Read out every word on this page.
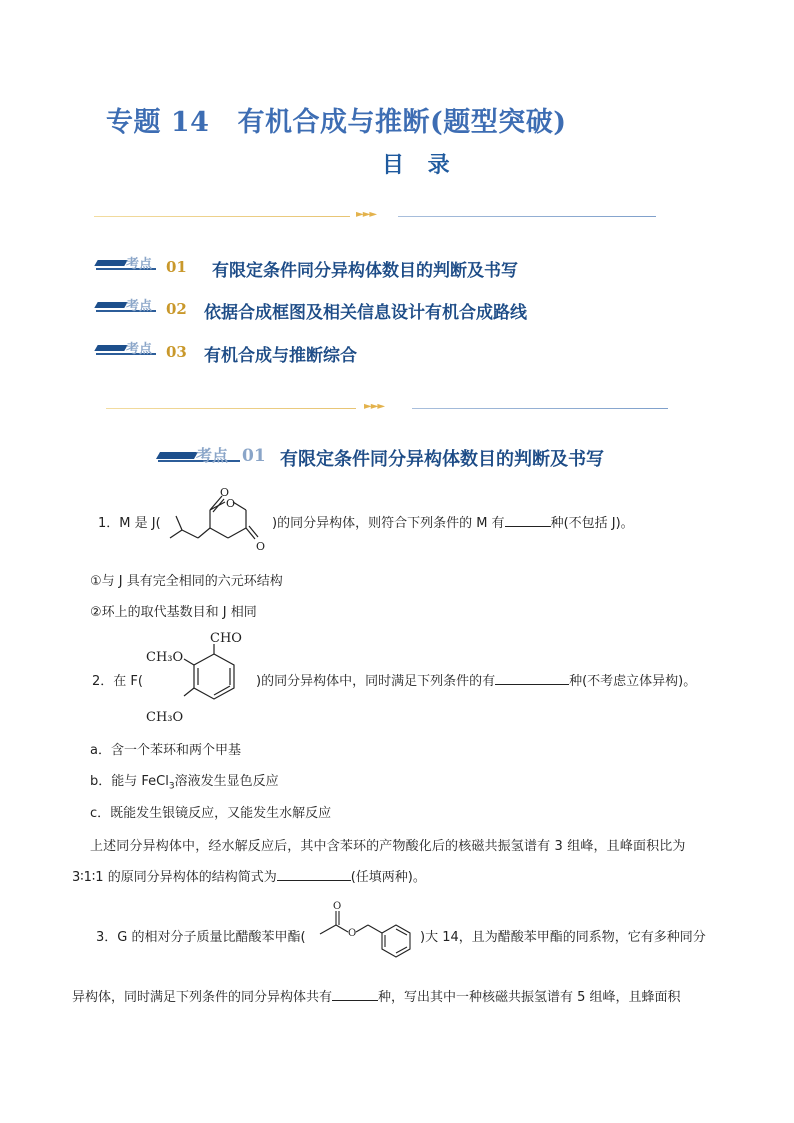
专题 14 有机合成与推断(题型突破)
目 录
►►►
考点 01 有限定条件同分异构体数目的判断及书写
考点 02 依据合成框图及相关信息设计有机合成路线
考点 03 有机合成与推断综合
►►►
考点 01 有限定条件同分异构体数目的判断及书写
1．M 是 J(
O
O
O
)的同分异构体，则符合下列条件的 M 有	种(不包括 J)。
①与 J 具有完全相同的六元环结构
②环上的取代基数目和 J 相同
2．在 F(
CHO
CH₃O
CH₃O
)的同分异构体中，同时满足下列条件的有	种(不考虑立体异构)。
a．含一个苯环和两个甲基
b．能与 FeCl$_3$溶液发生显色反应
c．既能发生银镜反应，又能发生水解反应
上述同分异构体中，经水解反应后，其中含苯环的产物酸化后的核磁共振氢谱有 3 组峰，且峰面积比为
3∶1∶1 的原同分异构体的结构简式为	(任填两种)。
3．G 的相对分子质量比醋酸苯甲酯(
O
O	)大 14，且为醋酸苯甲酯的同系物，它有多种同分
异构体，同时满足下列条件的同分异构体共有	种，写出其中一种核磁共振氢谱有 5 组峰，且蜂面积
